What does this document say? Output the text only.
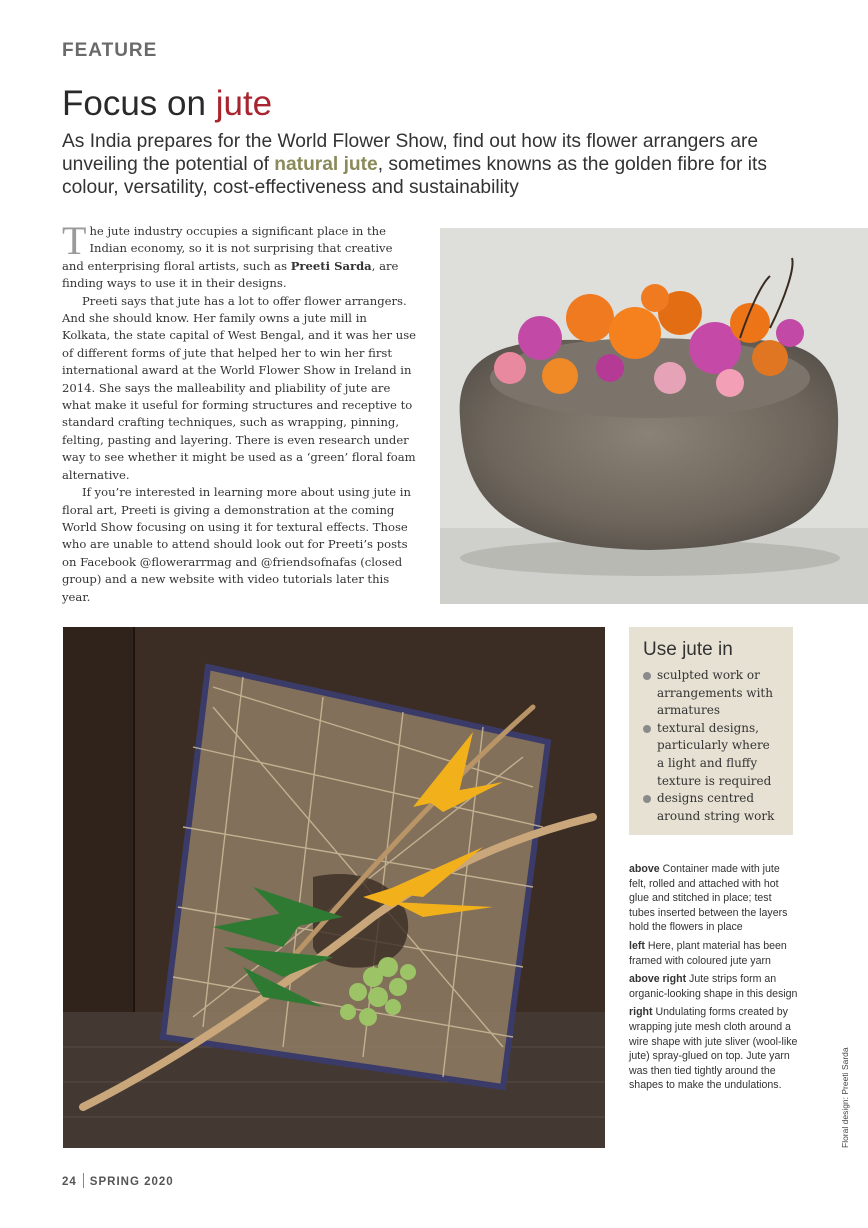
FEATURE
Focus on jute
As India prepares for the World Flower Show, find out how its flower arrangers are unveiling the potential of natural jute, sometimes knowns as the golden fibre for its colour, versatility, cost-effectiveness and sustainability

The jute industry occupies a significant place in the Indian economy, so it is not surprising that creative and enterprising floral artists, such as Preeti Sarda, are finding ways to use it in their designs.

Preeti says that jute has a lot to offer flower arrangers. And she should know. Her family owns a jute mill in Kolkata, the state capital of West Bengal, and it was her use of different forms of jute that helped her to win her first international award at the World Flower Show in Ireland in 2014. She says the malleability and pliability of jute are what make it useful for forming structures and receptive to standard crafting techniques, such as wrapping, pinning, felting, pasting and layering. There is even research under way to see whether it might be used as a ‘green’ floral foam alternative.

If you’re interested in learning more about using jute in floral art, Preeti is giving a demonstration at the coming World Show focusing on using it for textural effects. Those who are unable to attend should look out for Preeti’s posts on Facebook @flowerarrmag and @friendsofnafas (closed group) and a new website with video tutorials later this year.

Use jute in
sculpted work or arrangements with armatures
textural designs, particularly where a light and fluffy texture is required
designs centred around string work

above Container made with jute felt, rolled and attached with hot glue and stitched in place; test tubes inserted between the layers hold the flowers in place

left Here, plant material has been framed with coloured jute yarn

above right Jute strips form an organic-looking shape in this design

right Undulating forms created by wrapping jute mesh cloth around a wire shape with jute sliver (wool-like jute) spray-glued on top. Jute yarn was then tied tightly around the shapes to make the undulations.	Floral design: Preeti Sarda
24 SPRING 2020
